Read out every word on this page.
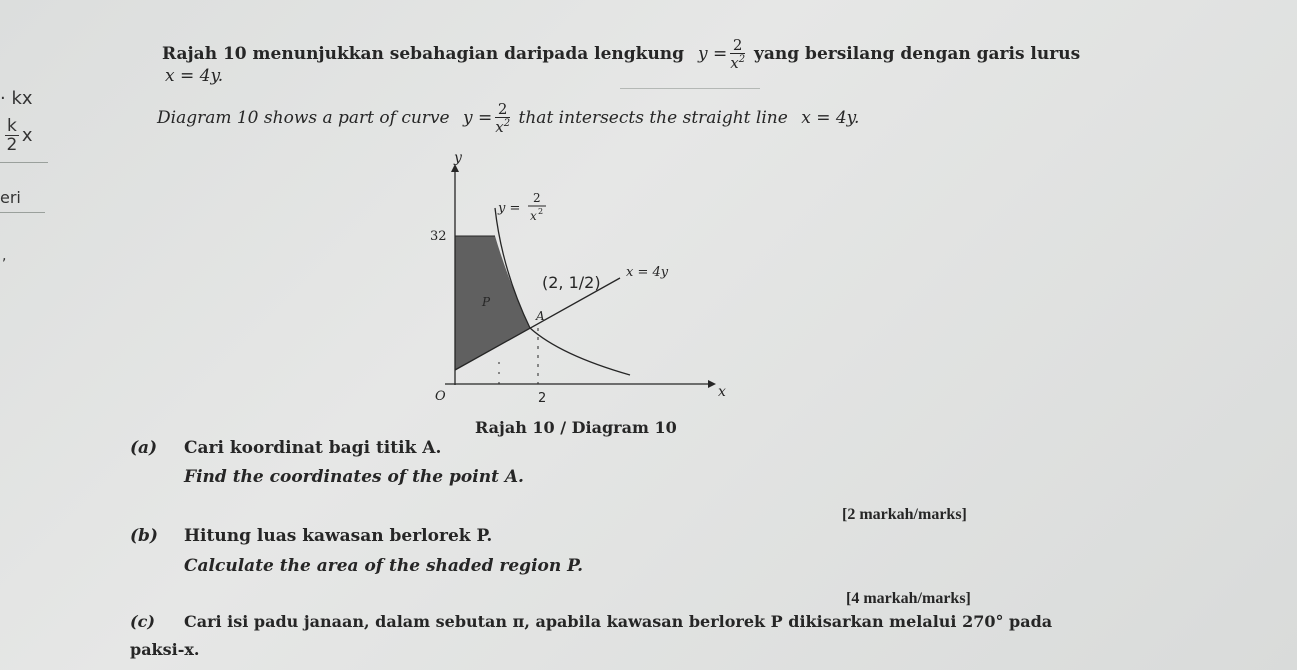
· kx
$\frac{k}{2}$ x
eri
,
Rajah 10 menunjukkan sebahagian daripada lengkung $y = \frac{2}{x^2}$ yang bersilang dengan garis lurus
x = 4y.
Diagram 10 shows a part of curve $y = \frac{2}{x^2}$ that intersects the straight line x = 4y.
y
x
O
32
y =
2
x 2
x = 4y
A
P
(2, 1/2)
2
Rajah 10 / Diagram 10
(a) Cari koordinat bagi titik A.
Find the coordinates of the point A.
[2 markah/marks]
(b) Hitung luas kawasan berlorek P.
Calculate the area of the shaded region P.
[4 markah/marks]
(c) Cari isi padu janaan, dalam sebutan π, apabila kawasan berlorek P dikisarkan melalui 270° pada
paksi-x.
